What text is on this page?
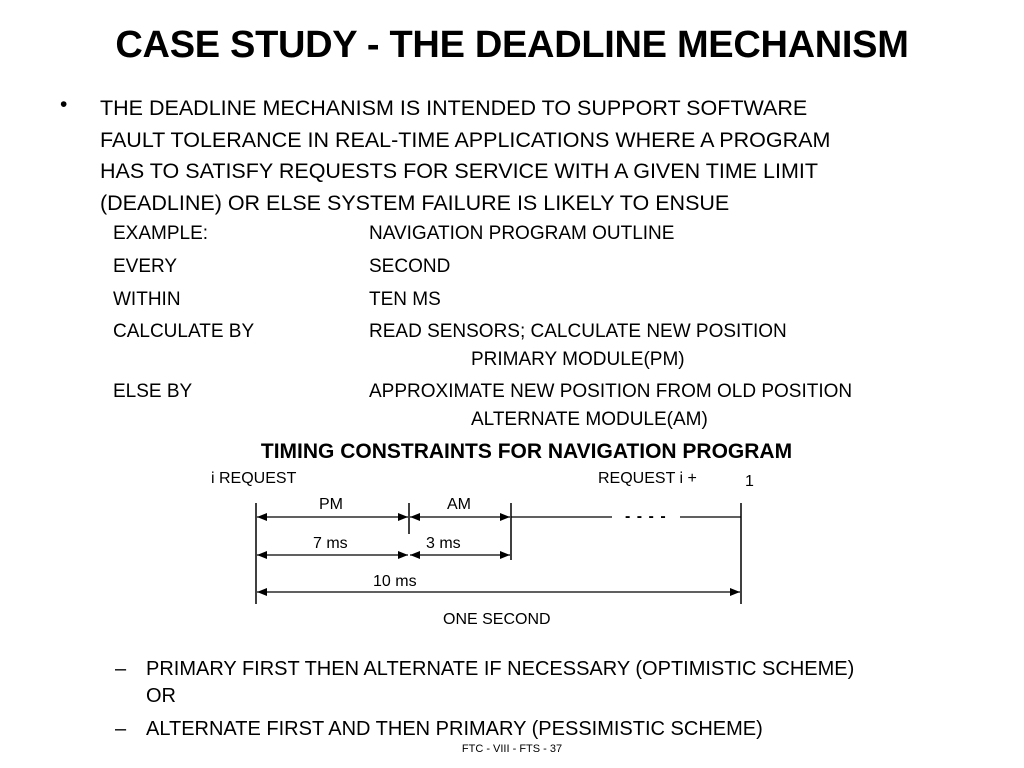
CASE STUDY - THE DEADLINE MECHANISM
• THE DEADLINE MECHANISM IS INTENDED TO SUPPORT SOFTWARE
FAULT TOLERANCE IN REAL-TIME APPLICATIONS WHERE A PROGRAM
HAS TO SATISFY REQUESTS FOR SERVICE WITH A GIVEN TIME LIMIT
(DEADLINE) OR ELSE SYSTEM FAILURE IS LIKELY TO ENSUE
EXAMPLE:	NAVIGATION PROGRAM OUTLINE
EVERY	SECOND
WITHIN	TEN MS
CALCULATE BY	READ SENSORS; CALCULATE NEW POSITION
PRIMARY MODULE(PM)
ELSE BY	APPROXIMATE NEW POSITION FROM OLD POSITION
ALTERNATE MODULE(AM)
TIMING CONSTRAINTS FOR NAVIGATION PROGRAM
i REQUEST	REQUEST i +	1
PM	AM
- - - -
7 ms	3 ms
10 ms
ONE SECOND
– PRIMARY FIRST THEN ALTERNATE IF NECESSARY (OPTIMISTIC SCHEME)
OR
– ALTERNATE FIRST AND THEN PRIMARY (PESSIMISTIC SCHEME)
FTC - VIII - FTS - 37
